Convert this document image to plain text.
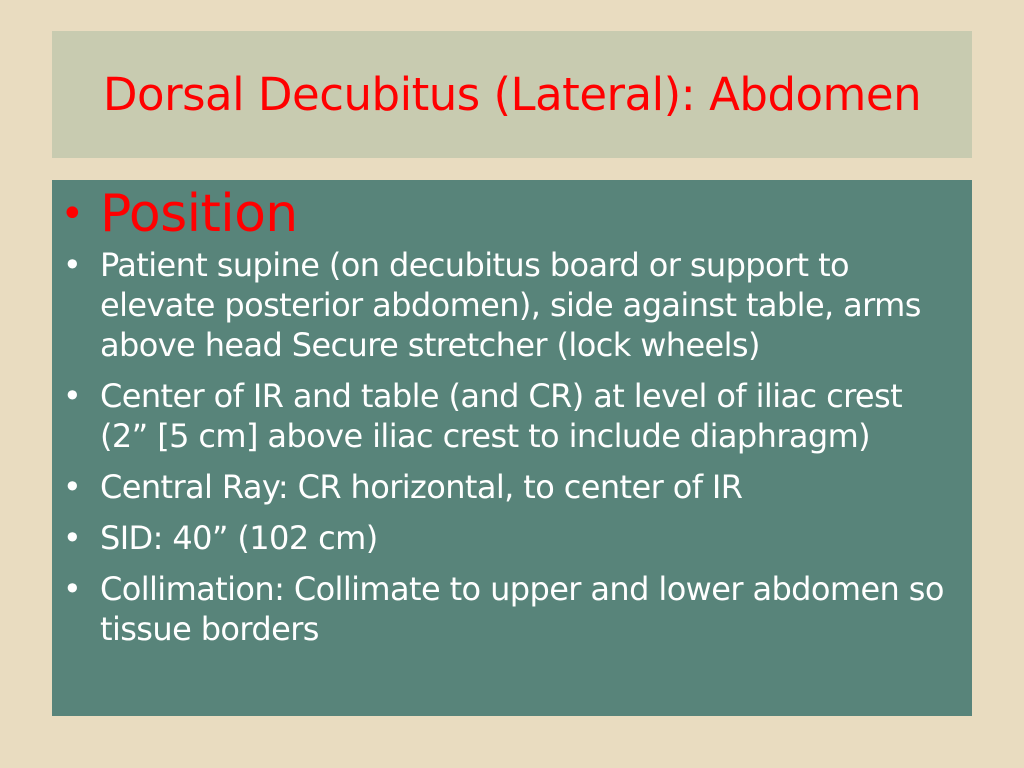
Dorsal Decubitus (Lateral): Abdomen
• Position
• Patient supine (on decubitus board or support to elevate posterior abdomen), side against table, arms above head Secure stretcher (lock wheels)
• Center of IR and table (and CR) at level of iliac crest (2” [5 cm] above iliac crest to include diaphragm)
• Central Ray: CR horizontal, to center of IR
• SID: 40” (102 cm)
• Collimation: Collimate to upper and lower abdomen so tissue borders
